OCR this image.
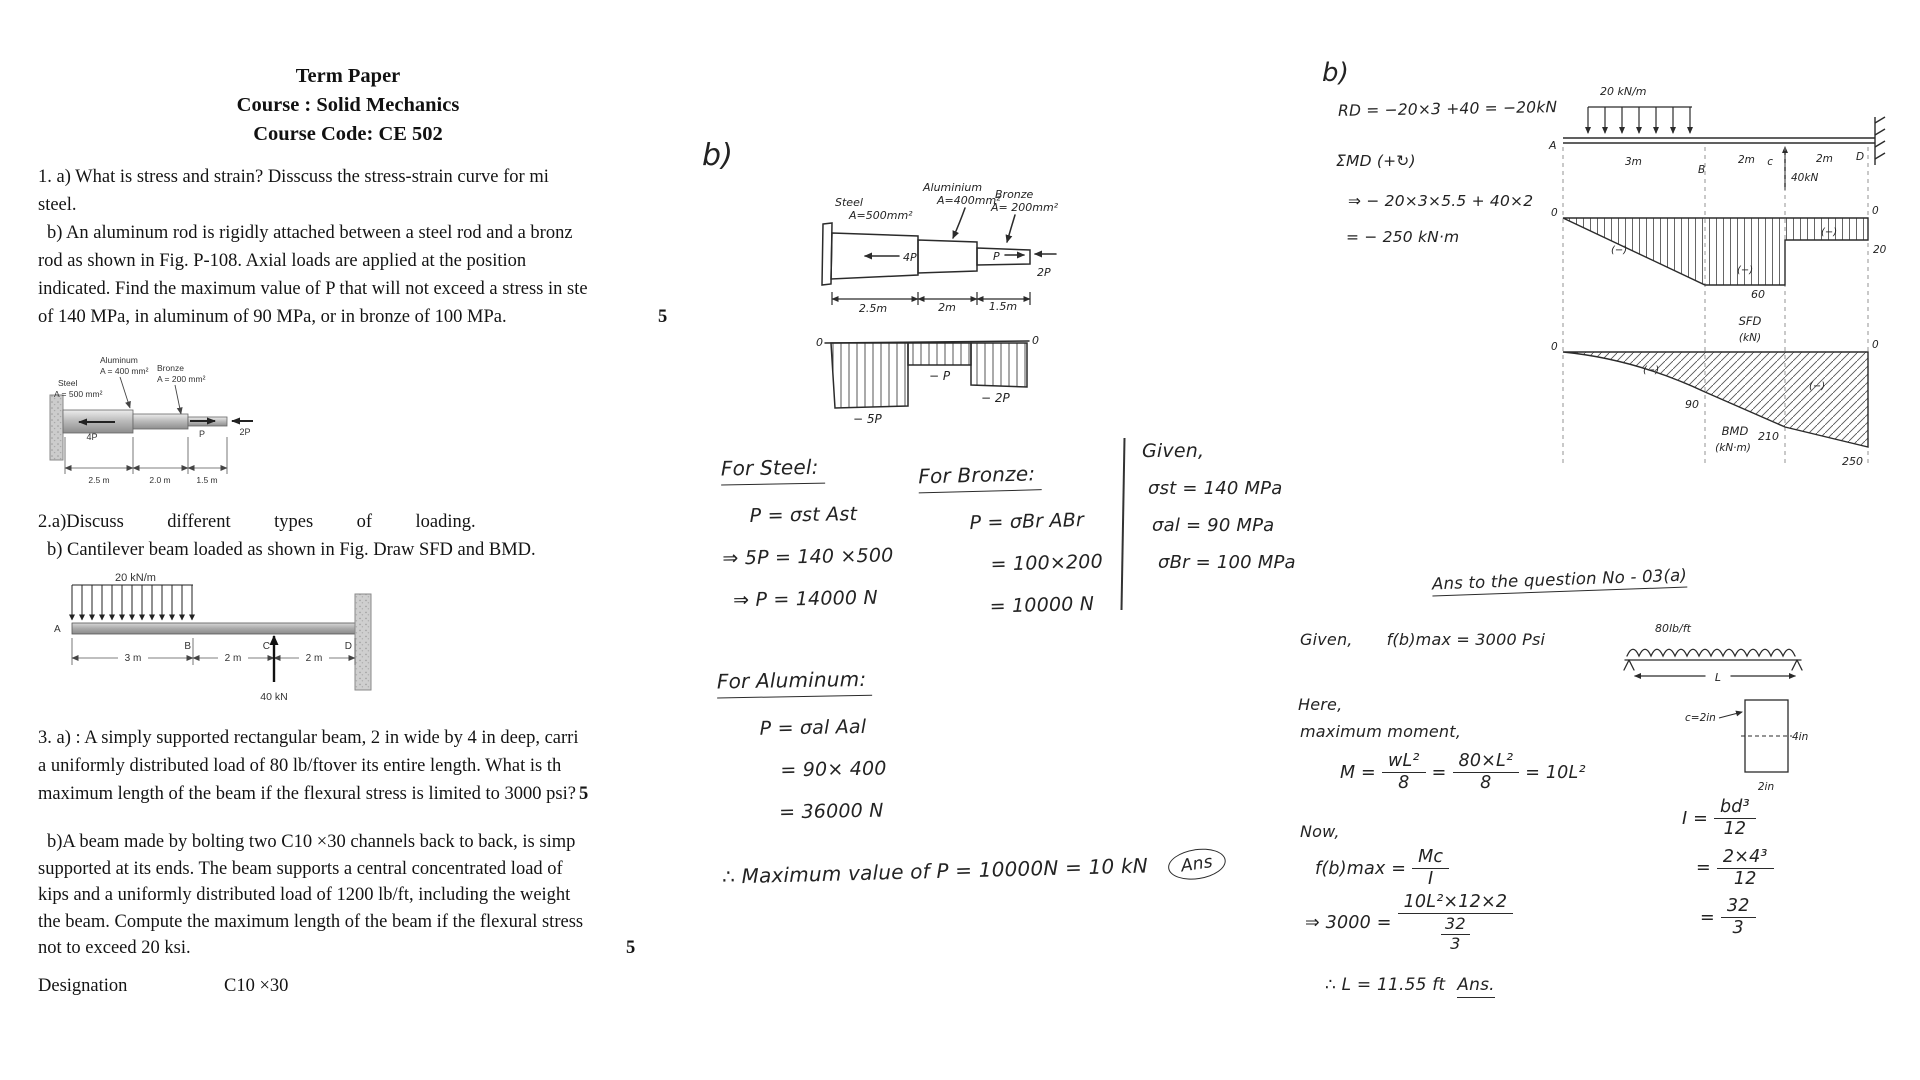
Term Paper
Course : Solid Mechanics
Course Code: CE 502
1. a) What is stress and strain? Disscuss the stress-strain curve for mi
steel.
b) An aluminum rod is rigidly attached between a steel rod and a bronz
rod as shown in Fig. P-108. Axial loads are applied at the position
indicated. Find the maximum value of P that will not exceed a stress in ste
of 140 MPa, in aluminum of 90 MPa, or in bronze of 100 MPa.	5
Steel
A = 500 mm²
Aluminum
A = 400 mm² Bronze
A = 200 mm²
4P	P	2P
2.5 m	2.0 m	1.5 m
2.a)Discuss different types of loading.
b) Cantilever beam loaded as shown in Fig. Draw SFD and BMD.
20 kN/m
A
3 m	2 m	2 m
B	C	D
40 kN
3. a) : A simply supported rectangular beam, 2 in wide by 4 in deep, carri
a uniformly distributed load of 80 lb/ftover its entire length. What is th
maximum length of the beam if the flexural stress is limited to 3000 psi? 5
b)A beam made by bolting two C10 ×30 channels back to back, is simp
supported at its ends. The beam supports a central concentrated load of
kips and a uniformly distributed load of 1200 lb/ft, including the weight
the beam. Compute the maximum length of the beam if the flexural stress
not to exceed 20 ksi.	5
Designation	C10 ×30
b)
Steel
A=500mm²
Aluminium
A=400mm²
Bronze
A= 200mm²
4P	P
2P
2.5m	2m	1.5m
0	0
− 5P
− P
− 2P
For Steel:
P = σst Ast
⇒ 5P = 140 ×500
⇒ P = 14000 N
For Bronze:
P = σBr ABr
= 100×200
= 10000 N
Given,
σst = 140 MPa
σal = 90 MPa
σBr = 100 MPa
For Aluminum:
P = σal Aal
= 90× 400
= 36000 N
∴ Maximum value of P = 10000N = 10 kN	Ans
b)
RD = −20×3 +40 = −20kN
ΣMD (+↻)
⇒ − 20×3×5.5 + 40×2
= − 250 kN·m
20 kN/m
A
3m
B
2m c
40kN
2m D
0	0
(−)
(−)
(−)
60
20
SFD
(kN)
0	0
(−)
(−)
90
210
250
BMD
(kN·m)
Ans to the question No - 03(a)
Given, f(b)max = 3000 Psi
Here,
maximum moment,
$M = \frac{\text{wL²}}{8} = \frac{\text{80×L²}}{8} = 10L^2$
Now,
$f(b)\max = \frac{Mc}{I}$
⇒ $3000 = \frac{\text{10L²×12×2}}{\frac{32}{3}}$
∴ L = 11.55 ft Ans.
80lb/ft
L
c=2in
4in
2in
$I = \frac{\text{bd³}}{12}$
= $\frac{\text{2×4³}}{12}$
= $\frac{32}{3}$
